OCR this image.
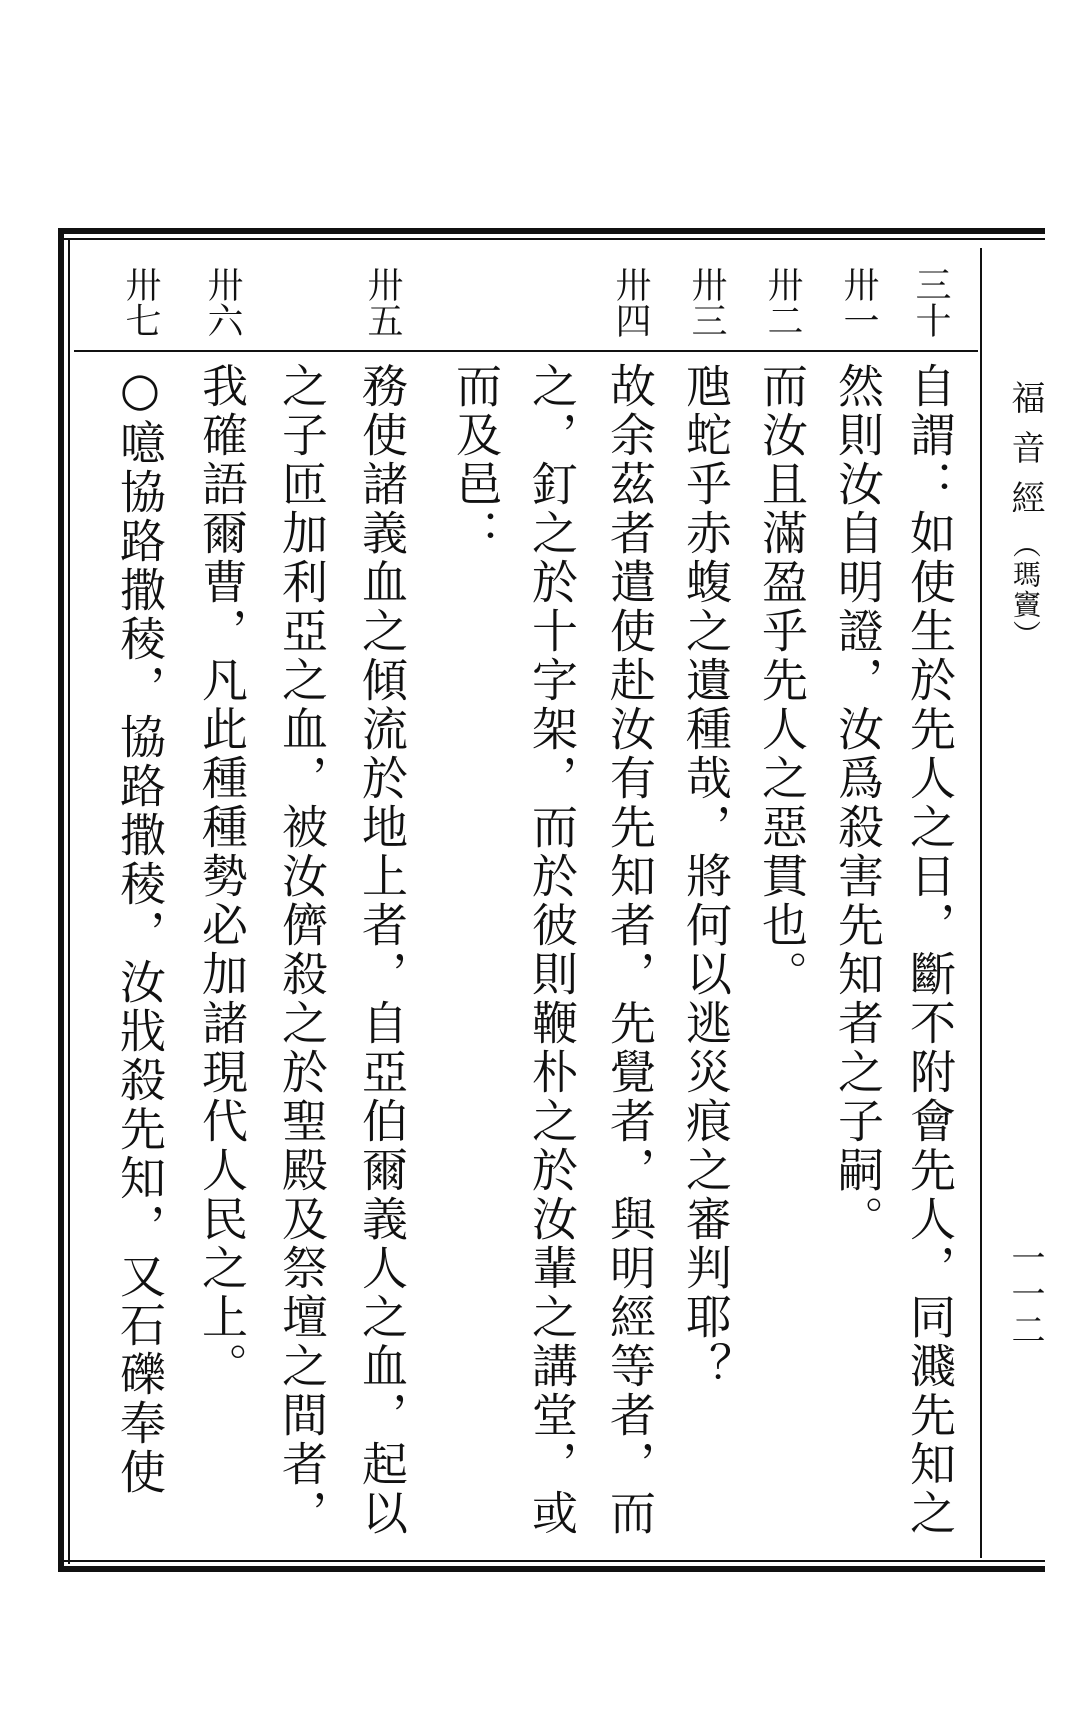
福音經（瑪竇）
一一二
三十
自謂：如使生於先人之日，斷不附會先人，同濺先知之
卅一
然則汝自明證，汝爲殺害先知者之子嗣。
卅二
而汝且滿盈乎先人之惡貫也。
卅三
虺蛇乎赤蝮之遺種哉，將何以逃災痕之審判耶？
卅四
故余茲者遣使赴汝有先知者，先覺者，與明經等者，而
之，釘之於十字架，而於彼則鞭朴之於汝輩之講堂，或
而及邑：
卅五
務使諸義血之傾流於地上者，自亞伯爾義人之血，起以
之子匝加利亞之血，被汝儕殺之於聖殿及祭壇之間者，
卅六
我確語爾曹，凡此種種勢必加諸現代人民之上。
卅七
○噫協路撒稜，協路撒稜，汝戕殺先知，又石礫奉使
